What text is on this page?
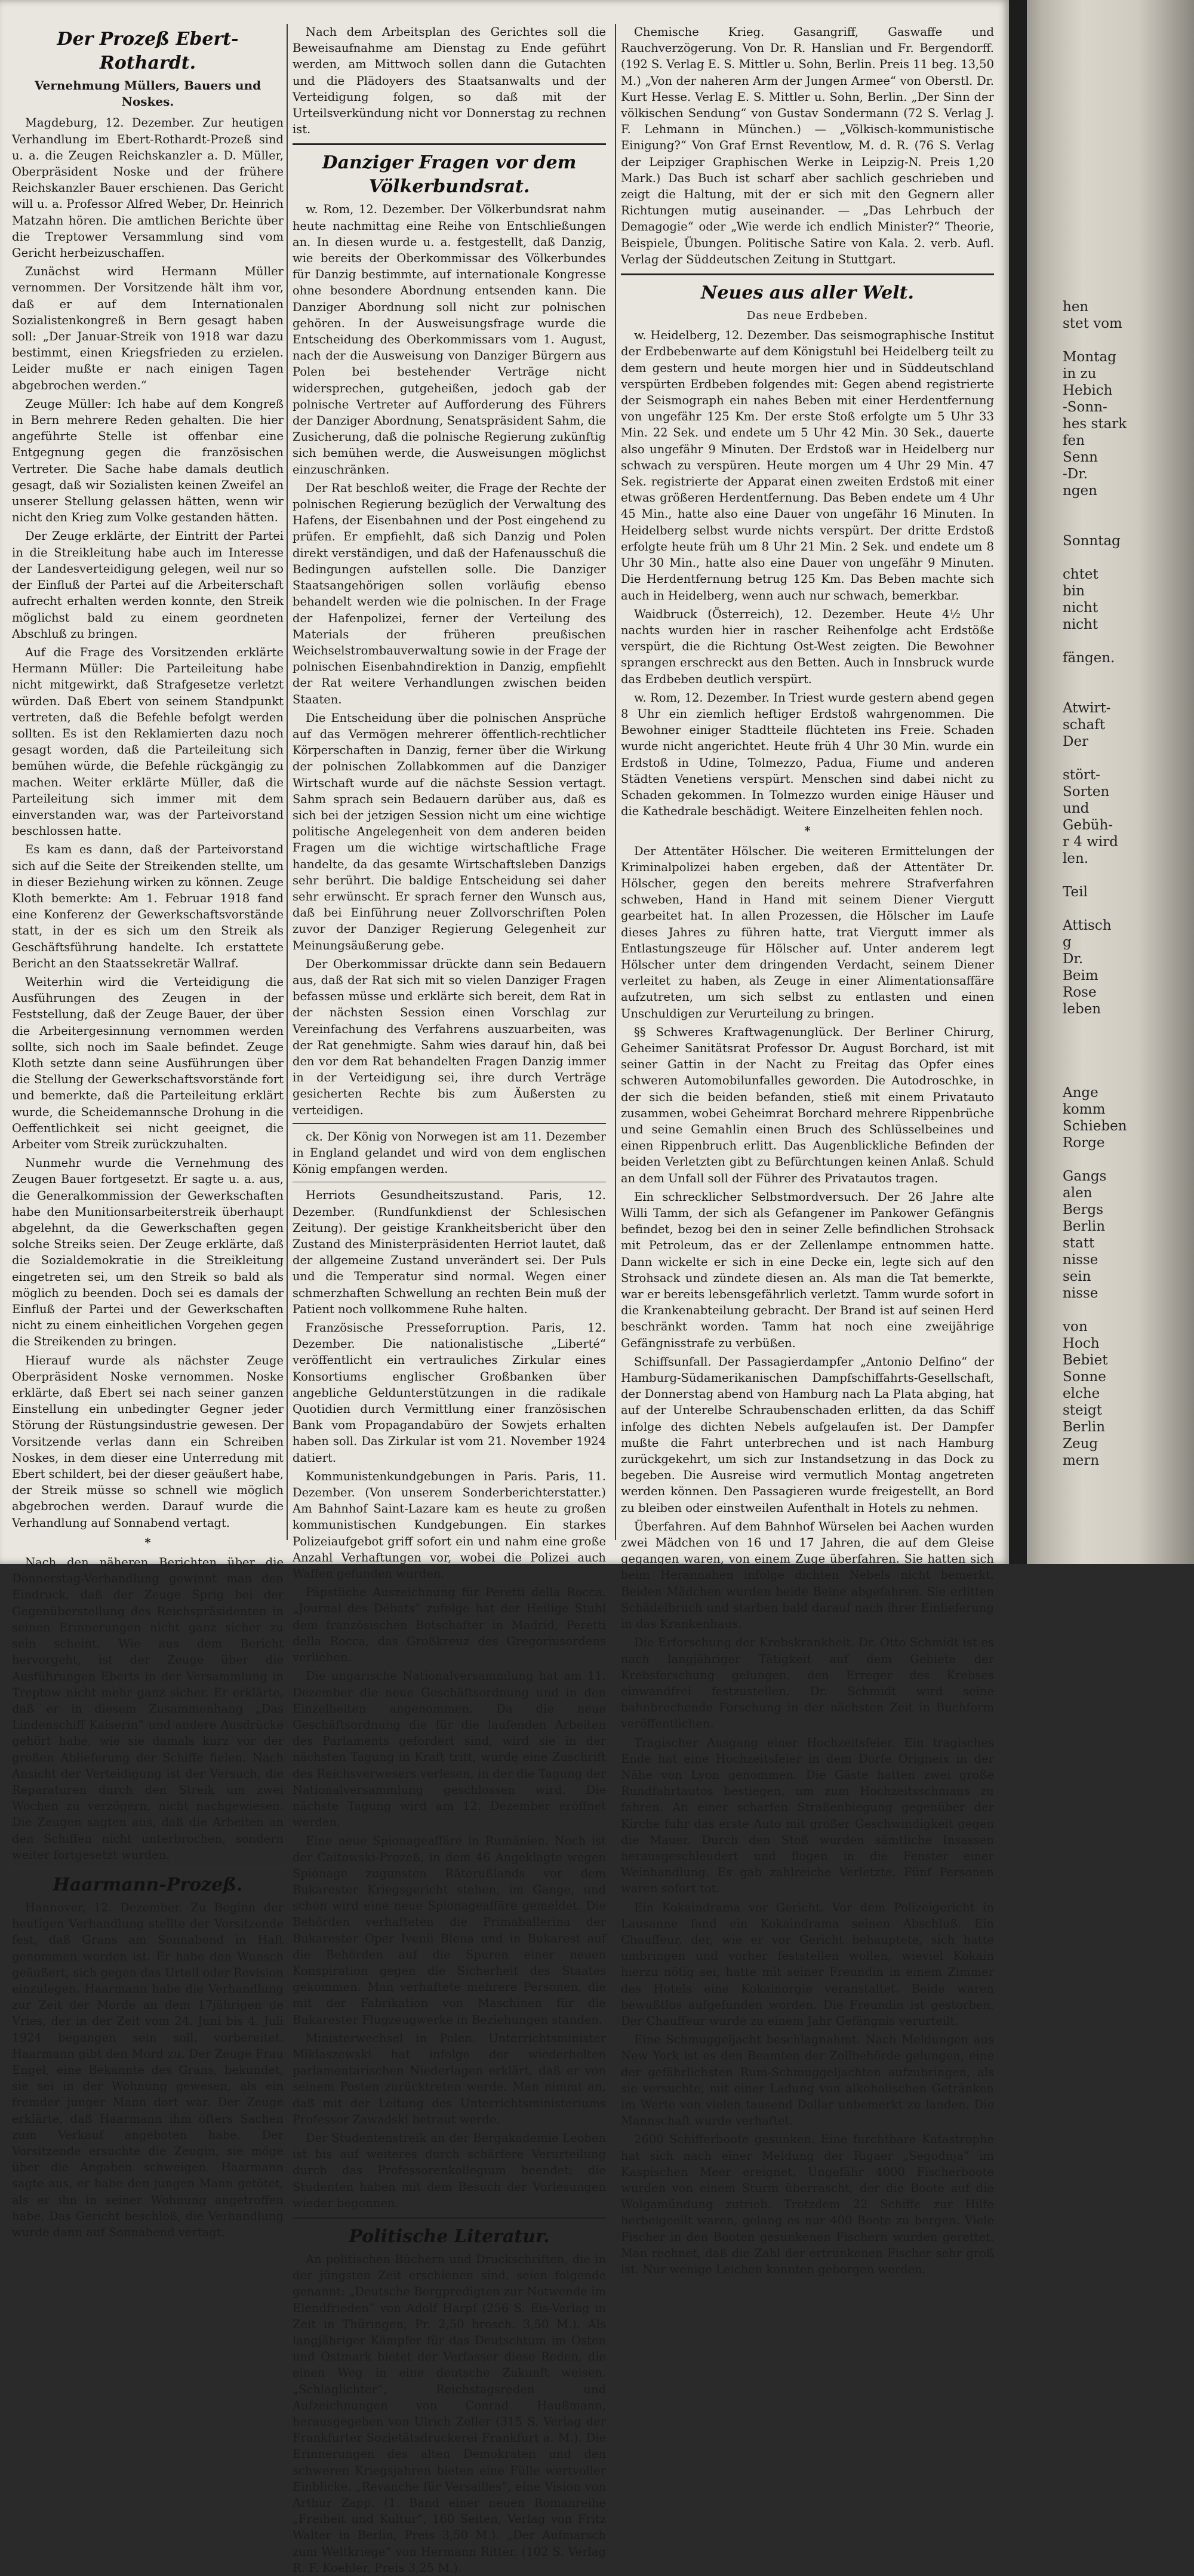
Der Prozeß Ebert-Rothardt.
Vernehmung Müllers, Bauers und Noskes.

Magdeburg, 12. Dezember. Zur heutigen Verhandlung im Ebert-Rothardt-Prozeß sind u. a. die Zeugen Reichskanzler a. D. Müller, Oberpräsident Noske und der frühere Reichskanzler Bauer erschienen. Das Gericht will u. a. Professor Alfred Weber, Dr. Heinrich Matzahn hören. Die amtlichen Berichte über die Treptower Versammlung sind vom Gericht herbeizuschaffen.

Zunächst wird Hermann Müller vernommen. Der Vorsitzende hält ihm vor, daß er auf dem Internationalen Sozialistenkongreß in Bern gesagt haben soll: „Der Januar-Streik von 1918 war dazu bestimmt, einen Kriegsfrieden zu erzielen. Leider mußte er nach einigen Tagen abgebrochen werden.“

Zeuge Müller: Ich habe auf dem Kongreß in Bern mehrere Reden gehalten. Die hier angeführte Stelle ist offenbar eine Entgegnung gegen die französischen Vertreter. Die Sache habe damals deutlich gesagt, daß wir Sozialisten keinen Zweifel an unserer Stellung gelassen hätten, wenn wir nicht den Krieg zum Volke gestanden hätten.

Der Zeuge erklärte, der Eintritt der Partei in die Streikleitung habe auch im Interesse der Landesverteidigung gelegen, weil nur so der Einfluß der Partei auf die Arbeiterschaft aufrecht erhalten werden konnte, den Streik möglichst bald zu einem geordneten Abschluß zu bringen.

Auf die Frage des Vorsitzenden erklärte Hermann Müller: Die Parteileitung habe nicht mitgewirkt, daß Strafgesetze verletzt würden. Daß Ebert von seinem Standpunkt vertreten, daß die Befehle befolgt werden sollten. Es ist den Reklamierten dazu noch gesagt worden, daß die Parteileitung sich bemühen würde, die Befehle rückgängig zu machen. Weiter erklärte Müller, daß die Parteileitung sich immer mit dem einverstanden war, was der Parteivorstand beschlossen hatte.

Es kam es dann, daß der Parteivorstand sich auf die Seite der Streikenden stellte, um in dieser Beziehung wirken zu können. Zeuge Kloth bemerkte: Am 1. Februar 1918 fand eine Konferenz der Gewerkschaftsvorstände statt, in der es sich um den Streik als Geschäftsführung handelte. Ich erstattete Bericht an den Staatssekretär Wallraf.

Weiterhin wird die Verteidigung die Ausführungen des Zeugen in der Feststellung, daß der Zeuge Bauer, der über die Arbeitergesinnung vernommen werden sollte, sich noch im Saale befindet. Zeuge Kloth setzte dann seine Ausführungen über die Stellung der Gewerkschaftsvorstände fort und bemerkte, daß die Parteileitung erklärt wurde, die Scheidemannsche Drohung in die Oeffentlichkeit sei nicht geeignet, die Arbeiter vom Streik zurückzuhalten.

Nunmehr wurde die Vernehmung des Zeugen Bauer fortgesetzt. Er sagte u. a. aus, die Generalkommission der Gewerkschaften habe den Munitionsarbeiterstreik überhaupt abgelehnt, da die Gewerkschaften gegen solche Streiks seien. Der Zeuge erklärte, daß die Sozialdemokratie in die Streikleitung eingetreten sei, um den Streik so bald als möglich zu beenden. Doch sei es damals der Einfluß der Partei und der Gewerkschaften nicht zu einem einheitlichen Vorgehen gegen die Streikenden zu bringen.

Hierauf wurde als nächster Zeuge Oberpräsident Noske vernommen. Noske erklärte, daß Ebert sei nach seiner ganzen Einstellung ein unbedingter Gegner jeder Störung der Rüstungsindustrie gewesen. Der Vorsitzende verlas dann ein Schreiben Noskes, in dem dieser eine Unterredung mit Ebert schildert, bei der dieser geäußert habe, der Streik müsse so schnell wie möglich abgebrochen werden. Darauf wurde die Verhandlung auf Sonnabend vertagt.

*

Nach den näheren Berichten über die Donnerstag-Verhandlung gewinnt man den Eindruck, daß der Zeuge Sprig bei der Gegenüberstellung des Reichspräsidenten in seinen Erinnerungen nicht ganz sicher zu sein scheint. Wie aus dem Bericht hervorgeht, ist der Zeuge über die Ausführungen Eberts in der Versammlung in Treptow nicht mehr ganz sicher. Er erklärte, daß er in diesem Zusammenhang „Das Lindenschiff Kaiserin“ und andere Ausdrücke gehört habe, wie sie damals kurz vor der großen Ablieferung der Schiffe fielen. Nach Ansicht der Verteidigung ist der Versuch, die Reparaturen durch den Streik um zwei Wochen zu verzögern, nicht nachgewiesen. Die Zeugen sagten aus, daß die Arbeiten an den Schiffen nicht unterbrochen, sondern weiter fortgesetzt wurden.

Haarmann-Prozeß.

Hannover, 12. Dezember. Zu Beginn der heutigen Verhandlung stellte der Vorsitzende fest, daß Grans am Sonnabend in Haft genommen worden ist. Er habe den Wunsch geäußert, sich gegen das Urteil oder Revision einzulegen. Haarmann habe die Verhandlung zur Zeit der Morde an dem 17jährigen de Vries, der in der Zeit vom 24. Juni bis 4. Juli 1924 begangen sein soll, vorbereitet. Haarmann gibt den Mord zu. Der Zeuge Frau Engel, eine Bekannte des Grans, bekundet, sie sei in der Wohnung gewesen, als ein fremder junger Mann dort war. Der Zeuge erklärte, daß Haarmann ihm öfters Sachen zum Verkauf angeboten habe. Der Vorsitzende ersuchte die Zeugin, sie möge über die Angaben schweigen. Haarmann sagte aus, er habe den jungen Mann getötet, als er ihn in seiner Wohnung angetroffen habe. Das Gericht beschloß, die Verhandlung wurde dann auf Sonnabend vertagt.

Nach dem Arbeitsplan des Gerichtes soll die Beweisaufnahme am Dienstag zu Ende geführt werden, am Mittwoch sollen dann die Gutachten und die Plädoyers des Staatsanwalts und der Verteidigung folgen, so daß mit der Urteilsverkündung nicht vor Donnerstag zu rechnen ist.

Danziger Fragen vor dem Völkerbundsrat.

w. Rom, 12. Dezember. Der Völkerbundsrat nahm heute nachmittag eine Reihe von Entschließungen an. In diesen wurde u. a. festgestellt, daß Danzig, wie bereits der Oberkommissar des Völkerbundes für Danzig bestimmte, auf internationale Kongresse ohne besondere Abordnung entsenden kann. Die Danziger Abordnung soll nicht zur polnischen gehören. In der Ausweisungsfrage wurde die Entscheidung des Oberkommissars vom 1. August, nach der die Ausweisung von Danziger Bürgern aus Polen bei bestehender Verträge nicht widersprechen, gutgeheißen, jedoch gab der polnische Vertreter auf Aufforderung des Führers der Danziger Abordnung, Senatspräsident Sahm, die Zusicherung, daß die polnische Regierung zukünftig sich bemühen werde, die Ausweisungen möglichst einzuschränken.

Der Rat beschloß weiter, die Frage der Rechte der polnischen Regierung bezüglich der Verwaltung des Hafens, der Eisenbahnen und der Post eingehend zu prüfen. Er empfiehlt, daß sich Danzig und Polen direkt verständigen, und daß der Hafenausschuß die Bedingungen aufstellen solle. Die Danziger Staatsangehörigen sollen vorläufig ebenso behandelt werden wie die polnischen. In der Frage der Hafenpolizei, ferner der Verteilung des Materials der früheren preußischen Weichselstrombauverwaltung sowie in der Frage der polnischen Eisenbahndirektion in Danzig, empfiehlt der Rat weitere Verhandlungen zwischen beiden Staaten.

Die Entscheidung über die polnischen Ansprüche auf das Vermögen mehrerer öffentlich-rechtlicher Körperschaften in Danzig, ferner über die Wirkung der polnischen Zollabkommen auf die Danziger Wirtschaft wurde auf die nächste Session vertagt. Sahm sprach sein Bedauern darüber aus, daß es sich bei der jetzigen Session nicht um eine wichtige politische Angelegenheit von dem anderen beiden Fragen um die wichtige wirtschaftliche Frage handelte, da das gesamte Wirtschaftsleben Danzigs sehr berührt. Die baldige Entscheidung sei daher sehr erwünscht. Er sprach ferner den Wunsch aus, daß bei Einführung neuer Zollvorschriften Polen zuvor der Danziger Regierung Gelegenheit zur Meinungsäußerung gebe.

Der Oberkommissar drückte dann sein Bedauern aus, daß der Rat sich mit so vielen Danziger Fragen befassen müsse und erklärte sich bereit, dem Rat in der nächsten Session einen Vorschlag zur Vereinfachung des Verfahrens auszuarbeiten, was der Rat genehmigte. Sahm wies darauf hin, daß bei den vor dem Rat behandelten Fragen Danzig immer in der Verteidigung sei, ihre durch Verträge gesicherten Rechte bis zum Äußersten zu verteidigen.

ck. Der König von Norwegen ist am 11. Dezember in England gelandet und wird von dem englischen König empfangen werden.

Herriots Gesundheitszustand. Paris, 12. Dezember. (Rundfunkdienst der Schlesischen Zeitung). Der geistige Krankheitsbericht über den Zustand des Ministerpräsidenten Herriot lautet, daß der allgemeine Zustand unverändert sei. Der Puls und die Temperatur sind normal. Wegen einer schmerzhaften Schwellung an rechten Bein muß der Patient noch vollkommene Ruhe halten.

Französische Presseforruption. Paris, 12. Dezember. Die nationalistische „Liberté“ veröffentlicht ein vertrauliches Zirkular eines Konsortiums englischer Großbanken über angebliche Geldunterstützungen in die radikale Quotidien durch Vermittlung einer französischen Bank vom Propagandabüro der Sowjets erhalten haben soll. Das Zirkular ist vom 21. November 1924 datiert.

Kommunistenkundgebungen in Paris. Paris, 11. Dezember. (Von unserem Sonderberichterstatter.) Am Bahnhof Saint-Lazare kam es heute zu großen kommunistischen Kundgebungen. Ein starkes Polizeiaufgebot griff sofort ein und nahm eine große Anzahl Verhaftungen vor, wobei die Polizei auch Waffen gefunden wurden.

Päpstliche Auszeichnung für Peretti della Rocca. „Journal des Débats“ zufolge hat der Heilige Stuhl dem französischen Botschafter in Madrid, Peretti della Rocca, das Großkreuz des Gregoriusordens verliehen.

Die ungarische Nationalversammlung hat am 11. Dezember die neue Geschäftsordnung und in den Einzelheiten angenommen. Da die neue Geschäftsordnung die für die laufenden Arbeiten des Parlaments gefordert sind, wird sie in der nächsten Tagung in Kraft tritt, wurde eine Zuschrift des Reichsverwesers verlesen, in der die Tagung der Nationalversammlung geschlossen wird. Die nächste Tagung wird am 12. Dezember eröffnet werden.

Eine neue Spionageaffäre in Rumänien. Noch ist der Caitowski-Prozeß, in dem 46 Angeklagte wegen Spionage zugunsten Räterußlands vor dem Bukarester Kriegsgericht stehen, im Gange, und schon wird eine neue Spionageaffäre gemeldet. Die Behörden verhafteten die Primaballerina der Bukarester Oper Ivenii Blena und in Bukarest auf die Behörden auf die Spuren einer neuen Konspiration gegen die Sicherheit des Staates gekommen. Man verhaftete mehrere Personen, die mit der Fabrikation von Maschinen für die Bukarester Flugzeugwerke in Beziehungen standen.

Ministerwechsel in Polen. Unterrichtsminister Miklaszewski hat infolge der wiederholten parlamentarischen Niederlagen erklärt, daß er von seinem Posten zurücktreten werde. Man nimmt an, daß mit der Leitung des Unterrichtsministeriums Professor Zawadski betraut werde.

Der Studentenstreik an der Bergakademie Leoben ist bis auf weiteres durch schärfere Verurteilung durch das Professorenkollegium beendet; die Studenten haben mit dem Besuch der Vorlesungen wieder begonnen.

Politische Literatur.

An politischen Büchern und Druckschriften, die in der jüngsten Zeit erschienen sind, seien folgende genannt: „Deutsche Bergpredigten zur Notwende im Elendfrieden“ von Adolf Harpf (256 S. Eis-Verlag in Zeit in Thüringen, Pr. 2,50 brosch. 3,50 M.). Als langjähriger Kämpfer für das Deutschtum im Osten und Ostmark bietet der Verfasser diese Reden, die einen Weg in eine deutsche Zukunft weisen. „Schlaglichter“, Reichstagsreden und Aufzeichnungen von Conrad Haußmann, herausgegeben von Ulrich Zeller (315 S. Verlag der Frankfurter Sozietätsdruckerei Frankfurt a. M.). Die Erinnerungen des alten Demokraten und den schweren Kriegsjahren bieten eine Fülle wertvoller Einblicke. „Revanche für Versailles“, eine Vision von Arthur Zapp. (1. Band einer neuen Romanreihe „Freiheit und Kultur“, 160 Seiten, Verlag von Fritz Walter in Berlin, Preis 3,50 M.). „Der Aufmarsch zum Weltkriege“ von Hermann Ritter. (102 S. Verlag R. F. Koehler, Preis 3,25 M.).

Chemische Krieg. Gasangriff, Gaswaffe und Rauchverzögerung. Von Dr. R. Hanslian und Fr. Bergendorff. (192 S. Verlag E. S. Mittler u. Sohn, Berlin. Preis 11 beg. 13,50 M.) „Von der naheren Arm der Jungen Armee“ von Oberstl. Dr. Kurt Hesse. Verlag E. S. Mittler u. Sohn, Berlin. „Der Sinn der völkischen Sendung“ von Gustav Sondermann (72 S. Verlag J. F. Lehmann in München.) — „Völkisch-kommunistische Einigung?“ Von Graf Ernst Reventlow, M. d. R. (76 S. Verlag der Leipziger Graphischen Werke in Leipzig-N. Preis 1,20 Mark.) Das Buch ist scharf aber sachlich geschrieben und zeigt die Haltung, mit der er sich mit den Gegnern aller Richtungen mutig auseinander. — „Das Lehrbuch der Demagogie“ oder „Wie werde ich endlich Minister?“ Theorie, Beispiele, Übungen. Politische Satire von Kala. 2. verb. Aufl. Verlag der Süddeutschen Zeitung in Stuttgart.

Neues aus aller Welt.
Das neue Erdbeben.

w. Heidelberg, 12. Dezember. Das seismographische Institut der Erdbebenwarte auf dem Königstuhl bei Heidelberg teilt zu dem gestern und heute morgen hier und in Süddeutschland verspürten Erdbeben folgendes mit: Gegen abend registrierte der Seismograph ein nahes Beben mit einer Herdentfernung von ungefähr 125 Km. Der erste Stoß erfolgte um 5 Uhr 33 Min. 22 Sek. und endete um 5 Uhr 42 Min. 30 Sek., dauerte also ungefähr 9 Minuten. Der Erdstoß war in Heidelberg nur schwach zu verspüren. Heute morgen um 4 Uhr 29 Min. 47 Sek. registrierte der Apparat einen zweiten Erdstoß mit einer etwas größeren Herdentfernung. Das Beben endete um 4 Uhr 45 Min., hatte also eine Dauer von ungefähr 16 Minuten. In Heidelberg selbst wurde nichts verspürt. Der dritte Erdstoß erfolgte heute früh um 8 Uhr 21 Min. 2 Sek. und endete um 8 Uhr 30 Min., hatte also eine Dauer von ungefähr 9 Minuten. Die Herdentfernung betrug 125 Km. Das Beben machte sich auch in Heidelberg, wenn auch nur schwach, bemerkbar.

Waidbruck (Österreich), 12. Dezember. Heute 4½ Uhr nachts wurden hier in rascher Reihenfolge acht Erdstöße verspürt, die die Richtung Ost-West zeigten. Die Bewohner sprangen erschreckt aus den Betten. Auch in Innsbruck wurde das Erdbeben deutlich verspürt.

w. Rom, 12. Dezember. In Triest wurde gestern abend gegen 8 Uhr ein ziemlich heftiger Erdstoß wahrgenommen. Die Bewohner einiger Stadtteile flüchteten ins Freie. Schaden wurde nicht angerichtet. Heute früh 4 Uhr 30 Min. wurde ein Erdstoß in Udine, Tolmezzo, Padua, Fiume und anderen Städten Venetiens verspürt. Menschen sind dabei nicht zu Schaden gekommen. In Tolmezzo wurden einige Häuser und die Kathedrale beschädigt. Weitere Einzelheiten fehlen noch.

*

Der Attentäter Hölscher. Die weiteren Ermittelungen der Kriminalpolizei haben ergeben, daß der Attentäter Dr. Hölscher, gegen den bereits mehrere Strafverfahren schweben, Hand in Hand mit seinem Diener Viergutt gearbeitet hat. In allen Prozessen, die Hölscher im Laufe dieses Jahres zu führen hatte, trat Viergutt immer als Entlastungszeuge für Hölscher auf. Unter anderem legt Hölscher unter dem dringenden Verdacht, seinem Diener verleitet zu haben, als Zeuge in einer Alimentationsaffäre aufzutreten, um sich selbst zu entlasten und einen Unschuldigen zur Verurteilung zu bringen.

§§ Schweres Kraftwagenunglück. Der Berliner Chirurg, Geheimer Sanitätsrat Professor Dr. August Borchard, ist mit seiner Gattin in der Nacht zu Freitag das Opfer eines schweren Automobilunfalles geworden. Die Autodroschke, in der sich die beiden befanden, stieß mit einem Privatauto zusammen, wobei Geheimrat Borchard mehrere Rippenbrüche und seine Gemahlin einen Bruch des Schlüsselbeines und einen Rippenbruch erlitt. Das Augenblickliche Befinden der beiden Verletzten gibt zu Befürchtungen keinen Anlaß. Schuld an dem Unfall soll der Führer des Privatautos tragen.

Ein schrecklicher Selbstmordversuch. Der 26 Jahre alte Willi Tamm, der sich als Gefangener im Pankower Gefängnis befindet, bezog bei den in seiner Zelle befindlichen Strohsack mit Petroleum, das er der Zellenlampe entnommen hatte. Dann wickelte er sich in eine Decke ein, legte sich auf den Strohsack und zündete diesen an. Als man die Tat bemerkte, war er bereits lebensgefährlich verletzt. Tamm wurde sofort in die Krankenabteilung gebracht. Der Brand ist auf seinen Herd beschränkt worden. Tamm hat noch eine zweijährige Gefängnisstrafe zu verbüßen.

Schiffsunfall. Der Passagierdampfer „Antonio Delfino“ der Hamburg-Südamerikanischen Dampfschiffahrts-Gesellschaft, der Donnerstag abend von Hamburg nach La Plata abging, hat auf der Unterelbe Schraubenschaden erlitten, da das Schiff infolge des dichten Nebels aufgelaufen ist. Der Dampfer mußte die Fahrt unterbrechen und ist nach Hamburg zurückgekehrt, um sich zur Instandsetzung in das Dock zu begeben. Die Ausreise wird vermutlich Montag angetreten werden können. Den Passagieren wurde freigestellt, an Bord zu bleiben oder einstweilen Aufenthalt in Hotels zu nehmen.

Überfahren. Auf dem Bahnhof Würselen bei Aachen wurden zwei Mädchen von 16 und 17 Jahren, die auf dem Gleise gegangen waren, von einem Zuge überfahren. Sie hatten sich beim Herannahen infolge dichten Nebels nicht bemerkt. Beiden Mädchen wurden beide Beine abgefahren. Sie erlitten Schädelbruch und starben bald darauf nach ihrer Einlieferung in das Krankenhaus.

Die Erforschung der Krebskrankheit. Dr. Otto Schmidt ist es nach langjähriger Tätigkeit auf dem Gebiete der Krebsforschung gelungen, den Erreger des Krebses einwandfrei festzustellen. Dr. Schmidt wird seine bahnbrechende Forschung in der nächsten Zeit in Buchform veröffentlichen.

Tragischer Ausgang einer Hochzeitsfeier. Ein tragisches Ende hat eine Hochzeitsfeier in dem Dorfe Origneix in der Nähe von Lyon genommen. Die Gäste hatten zwei große Rundfahrtautos bestiegen, um zum Hochzeitsschmaus zu fahren. An einer scharfen Straßenbiegung gegenüber der Kirche fuhr das erste Auto mit großer Geschwindigkeit gegen die Mauer. Durch den Stoß wurden sämtliche Insassen herausgeschleudert und flogen in die Fenster einer Weinhandlung. Es gab zahlreiche Verletzte. Fünf Personen waren sofort tot.

Ein Kokaindrama vor Gericht. Vor dem Polizeigericht in Lausanne fand ein Kokaindrama seinen Abschluß. Ein Chauffeur, der, wie er vor Gericht behauptete, sich hatte umbringen und vorher feststellen wollen, wieviel Kokain hierzu nötig sei, hatte mit seiner Freundin in einem Zimmer des Hotels eine Kokainorgie veranstaltet. Beide waren bewußtlos aufgefunden worden. Die Freundin ist gestorben. Der Chauffeur wurde zu einem Jahr Gefängnis verurteilt.

Eine Schmuggeljacht beschlagnahmt. Nach Meldungen aus New York ist es den Beamten der Zollbehörde gelungen, eine der gefährlichsten Rum-Schmuggeljachten aufzubringen, als sie versuchte, mit einer Ladung von alkoholischen Getränken im Werte von vielen tausend Dollar unbemerkt zu landen. Die Mannschaft wurde verhaftet.

2600 Schifferboote gesunken. Eine furchtbare Katastrophe hat sich nach einer Meldung der Rigaer „Segodnja“ im Kaspischen Meer ereignet. Ungefähr 4000 Fischerboote wurden von einem Sturm überrascht, der die Boote auf die Wolgamündung zutrieb. Trotzdem 22 Schiffe zur Hilfe herbeigeeilt waren, gelang es nur 400 Boote zu bergen. Viele Fischer in den Booten gesunkenen Fischern wurden gerettet. Man rechnet, daß die Zahl der ertrunkenen Fischer sehr groß ist. Nur wenige Leichen konnten geborgen werden.

hen
stet vom

Montag
in zu
Hebich
-Sonn-
hes stark
fen
Senn
-Dr.
ngen

Sonntag

chtet
bin
nicht
nicht

fängen.

Atwirt-
schaft
Der

stört-
Sorten
und
Gebüh-
r 4 wird
len.

Teil

Attisch
g
Dr.
Beim
Rose
leben

Ange
komm
Schieben
Rorge

Gangs
alen
Bergs
Berlin
statt
nisse
sein
nisse

von
Hoch
Bebiet
Sonne
elche
steigt
Berlin
Zeug
mern
